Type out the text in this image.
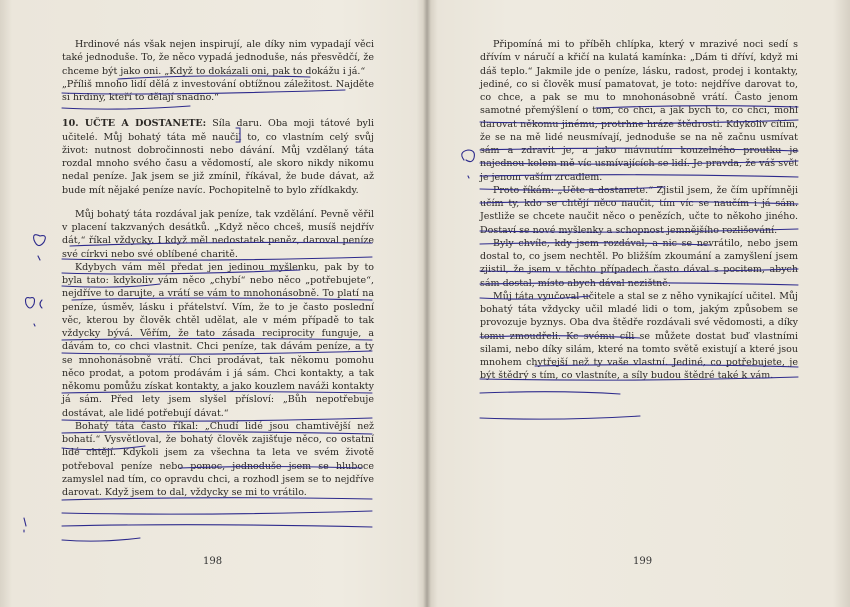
Hrdinové nás však nejen inspirují, ale díky nim vypadají věci také jednoduše. To, že něco vypadá jednoduše, nás přesvědčí, že chceme být jako oni. „Když to dokázali oni, pak to dokážu i já.“

„Příliš mnoho lidí dělá z investování obtížnou záležitost. Najděte si hrdiny, kteří to dělají snadno.“

10. UČTE A DOSTANETE: Síla daru. Oba moji tátové byli učitelé. Můj bohatý táta mě naučil to, co vlastním celý svůj život: nutnost dobročinnosti nebo dávání. Můj vzdělaný táta rozdal mnoho svého času a vědomostí, ale skoro nikdy nikomu nedal peníze. Jak jsem se již zmínil, říkával, že bude dávat, až bude mít nějaké peníze navíc. Pochopitelně to bylo zřídkakdy.

Můj bohatý táta rozdával jak peníze, tak vzdělání. Pevně věřil v placení takzvaných desátků. „Když něco chceš, musíš nejdřív dát,“ říkal vždycky. I když měl nedostatek peněz, daroval peníze své církvi nebo své oblíbené charitě.

Kdybych vám měl předat jen jedinou myšlenku, pak by to byla tato: kdykoliv vám něco „chybí“ nebo něco „potřebujete“, nejdříve to darujte, a vrátí se vám to mnohonásobně. To platí na peníze, úsměv, lásku i přátelství. Vím, že to je často poslední věc, kterou by člověk chtěl udělat, ale v mém případě to tak vždycky bývá. Věřím, že tato zásada reciprocity funguje, a dávám to, co chci vlastnit. Chci peníze, tak dávám peníze, a ty se mnohonásobně vrátí. Chci prodávat, tak někomu pomohu něco prodat, a potom prodávám i já sám. Chci kontakty, a tak někomu pomůžu získat kontakty, a jako kouzlem naváži kontakty já sám. Před lety jsem slyšel přísloví: „Bůh nepotřebuje dostávat, ale lidé potřebují dávat.“

Bohatý táta často říkal: „Chudí lidé jsou chamtivější než bohatí.“ Vysvětloval, že bohatý člověk zajišťuje něco, co ostatní lidé chtějí. Kdykoli jsem za všechna ta leta ve svém životě potřeboval peníze nebo pomoc, jednoduše jsem se hluboce zamyslel nad tím, co opravdu chci, a rozhodl jsem se to nejdříve darovat. Když jsem to dal, vždycky se mi to vrátilo.

198

Připomíná mi to příběh chlípka, který v mrazivé noci sedí s dřívím v náručí a křičí na kulatá kamínka: „Dám ti dříví, když mi dáš teplo.“ Jakmile jde o peníze, lásku, radost, prodej i kontakty, jediné, co si člověk musí pamatovat, je toto: nejdříve darovat to, co chce, a pak se mu to mnohonásobně vrátí. Často jenom samotné přemýšlení o tom, co chci, a jak bych to, co chci, mohl darovat někomu jinému, protrhne hráze štědrosti. Kdykoliv cítím, že se na mě lidé neusmívají, jednoduše se na ně začnu usmívat sám a zdravit je, a jako mávnutím kouzelného proutku je najednou kolem mě víc usmívajících se lidí. Je pravda, že váš svět je jenom vaším zrcadlem.

Proto říkám: „Učte a dostanete.“ Zjistil jsem, že čím upřímněji učím ty, kdo se chtějí něco naučit, tím víc se naučím i já sám. Jestliže se chcete naučit něco o penězích, učte to někoho jiného. Dostaví se nové myšlenky a schopnost jemnějšího rozlišování.

Byly chvíle, kdy jsem rozdával, a nic se nevrátilo, nebo jsem dostal to, co jsem nechtěl. Po bližším zkoumání a zamyšlení jsem zjistil, že jsem v těchto případech často dával s pocitem, abych sám dostal, místo abych dával nezištně.

Můj táta vyučoval učitele a stal se z něho vynikající učitel. Můj bohatý táta vždycky učil mladé lidi o tom, jakým způsobem se provozuje byznys. Oba dva štědře rozdávali své vědomosti, a díky tomu zmoudřeli. Ke svému cíli se můžete dostat buď vlastními silami, nebo díky silám, které na tomto světě existují a které jsou mnohem chytřejší než ty vaše vlastní. Jediné, co potřebujete, je být štědrý s tím, co vlastníte, a síly budou štědré také k vám.

199
